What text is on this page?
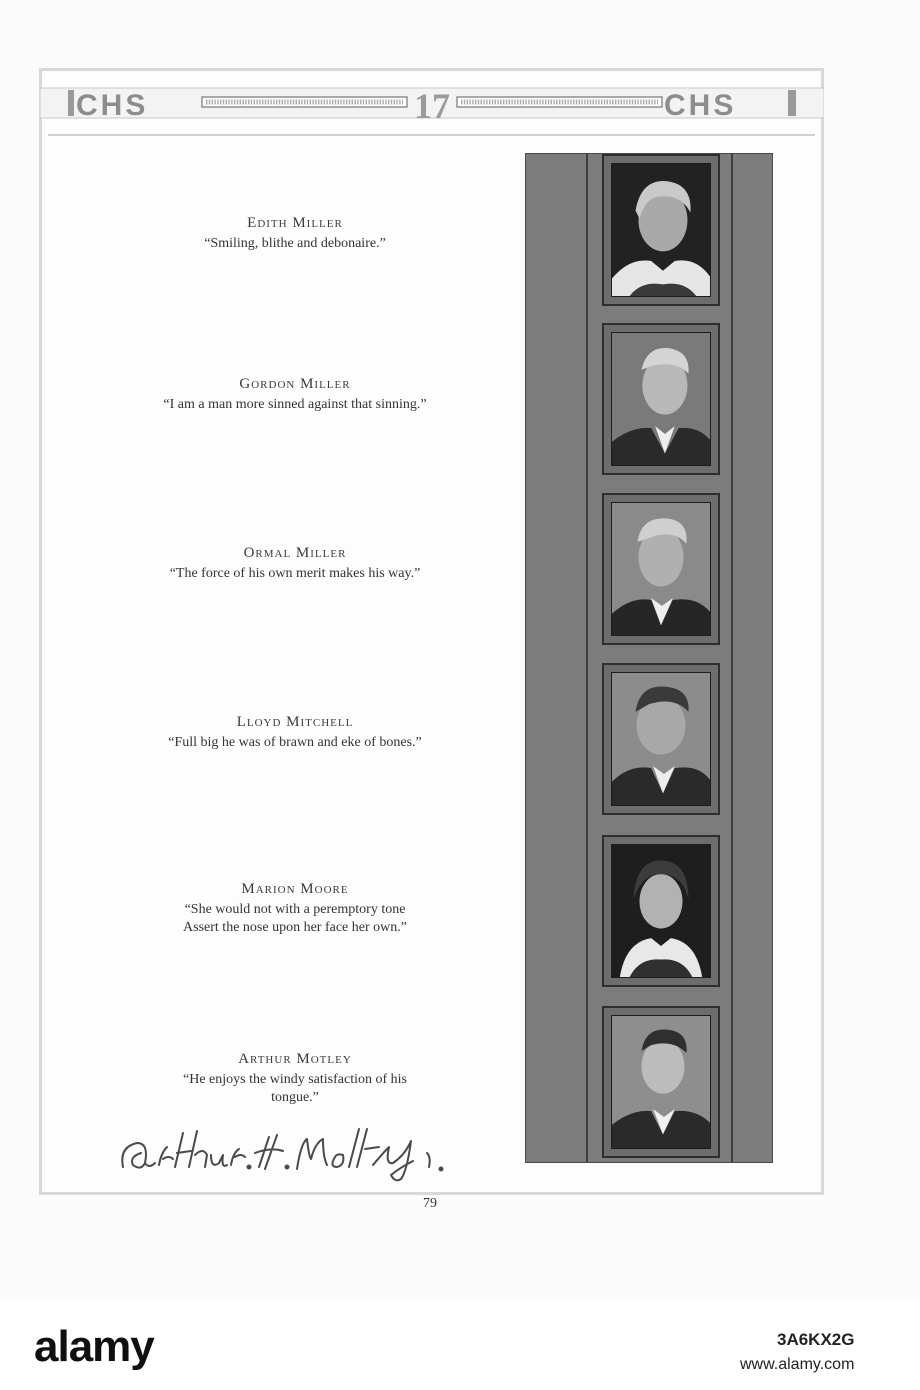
CHS	17	CHS
Edith Miller
“Smiling, blithe and debonaire.”
Gordon Miller
“I am a man more sinned against that sinning.”
Ormal Miller
“The force of his own merit makes his way.”
Lloyd Mitchell
“Full big he was of brawn and eke of bones.”
Marion Moore
“She would not with a peremptory tone
Assert the nose upon her face her own.”
Arthur Motley
“He enjoys the windy satisfaction of his
tongue.”
79
alamy	3A6KX2G
www.alamy.com
